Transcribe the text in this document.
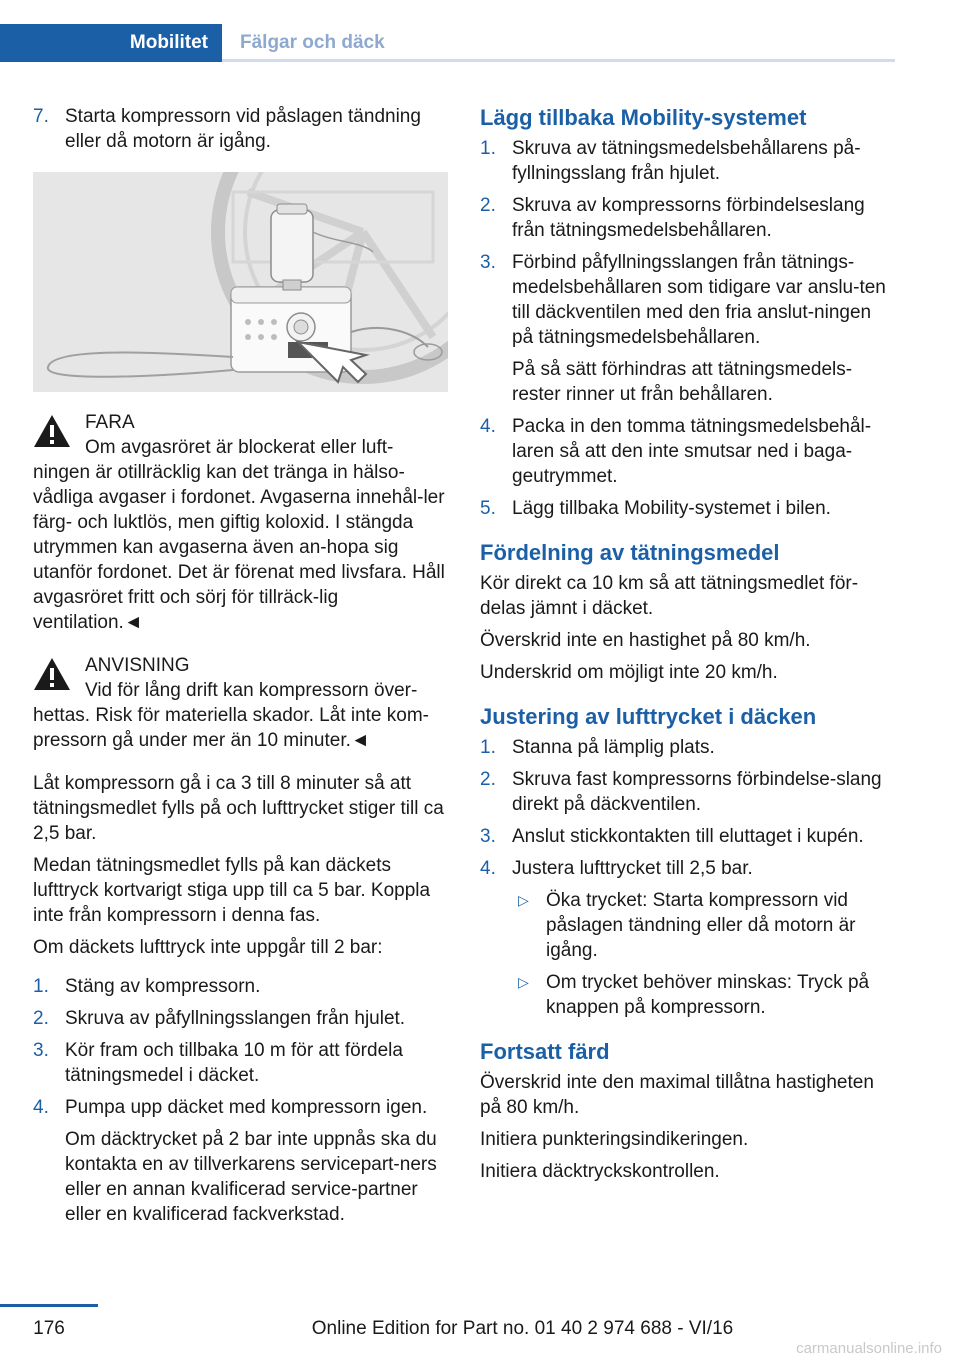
Mobilitet	Fälgar och däck
7. Starta kompressorn vid påslagen tändning eller då motorn är igång.
FARA
Om avgasröret är blockerat eller luft-
ningen är otillräcklig kan det tränga in hälso-vådliga avgaser i fordonet. Avgaserna innehål-ler färg- och luktlös, men giftig koloxid. I stängda utrymmen kan avgaserna även an-hopa sig utanför fordonet. Det är förenat med livsfara. Håll avgasröret fritt och sörj för tillräck-lig ventilation.◄
ANVISNING
Vid för lång drift kan kompressorn över-
hettas. Risk för materiella skador. Låt inte kom-pressorn gå under mer än 10 minuter.◄

Låt kompressorn gå i ca 3 till 8 minuter så att tätningsmedlet fylls på och lufttrycket stiger till ca 2,5 bar.

Medan tätningsmedlet fylls på kan däckets lufttryck kortvarigt stiga upp till ca 5 bar. Koppla inte från kompressorn i denna fas.

Om däckets lufttryck inte uppgår till 2 bar:

1. Stäng av kompressorn.
2. Skruva av påfyllningsslangen från hjulet.
3. Kör fram och tillbaka 10 m för att fördela tätningsmedel i däcket.
4. Pumpa upp däcket med kompressorn igen.
Om däcktrycket på 2 bar inte uppnås ska du kontakta en av tillverkarens servicepart-ners eller en annan kvalificerad service-partner eller en kvalificerad fackverkstad.
Lägg tillbaka Mobility-systemet
1. Skruva av tätningsmedelsbehållarens på-fyllningsslang från hjulet.
2. Skruva av kompressorns förbindelseslang från tätningsmedelsbehållaren.
3. Förbind påfyllningsslangen från tätnings-medelsbehållaren som tidigare var anslu-ten till däckventilen med den fria anslut-ningen på tätningsmedelsbehållaren.
På så sätt förhindras att tätningsmedels-rester rinner ut från behållaren.
4. Packa in den tomma tätningsmedelsbehål-laren så att den inte smutsar ned i baga-geutrymmet.
5. Lägg tillbaka Mobility-systemet i bilen.
Fördelning av tätningsmedel

Kör direkt ca 10 km så att tätningsmedlet för-delas jämnt i däcket.

Överskrid inte en hastighet på 80 km/h.

Underskrid om möjligt inte 20 km/h.

Justering av lufttrycket i däcken
1. Stanna på lämplig plats.
2. Skruva fast kompressorns förbindelse-slang direkt på däckventilen.
3. Anslut stickkontakten till eluttaget i kupén.
4. Justera lufttrycket till 2,5 bar.
▷ Öka trycket: Starta kompressorn vid påslagen tändning eller då motorn är igång.
▷ Om trycket behöver minskas: Tryck på knappen på kompressorn.
Fortsatt färd

Överskrid inte den maximal tillåtna hastigheten på 80 km/h.

Initiera punkteringsindikeringen.

Initiera däcktryckskontrollen.

176	Online Edition for Part no. 01 40 2 974 688 - VI/16
carmanualsonline.info
